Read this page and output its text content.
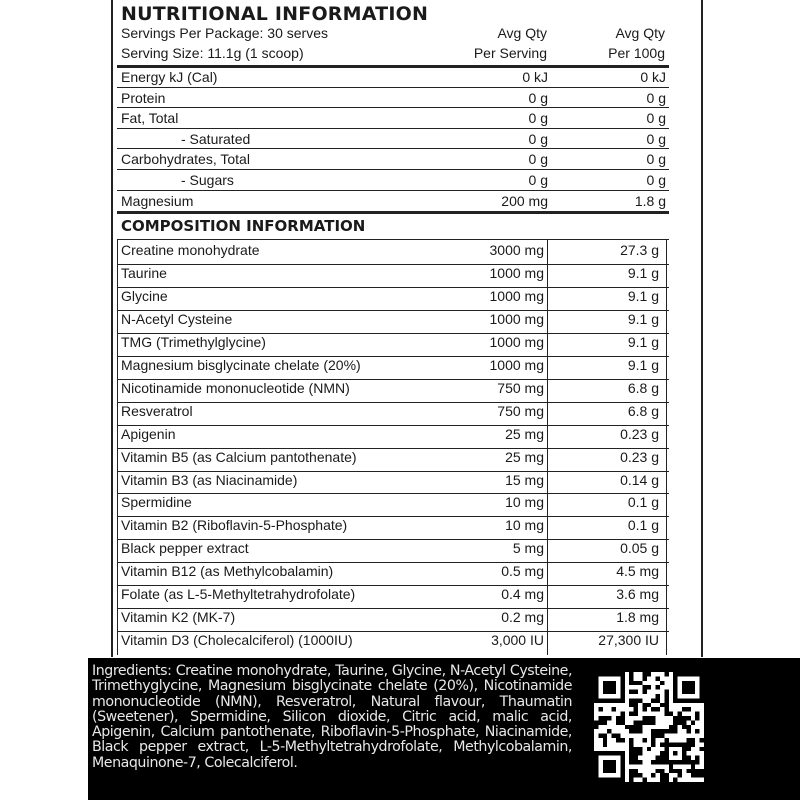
NUTRITIONAL INFORMATION
Servings Per Package: 30 serves
Serving Size: 11.1g (1 scoop)
Avg Qty
Per Serving
Avg Qty
Per 100g
Energy kJ (Cal)	0 kJ	0 kJ
Protein	0 g	0 g
Fat, Total	0 g	0 g
- Saturated	0 g	0 g
Carbohydrates, Total	0 g	0 g
- Sugars	0 g	0 g
Magnesium	200 mg	1.8 g
COMPOSITION INFORMATION
Creatine monohydrate	3000 mg	27.3 g
Taurine	1000 mg	9.1 g
Glycine	1000 mg	9.1 g
N-Acetyl Cysteine	1000 mg	9.1 g
TMG (Trimethylglycine)	1000 mg	9.1 g
Magnesium bisglycinate chelate (20%)	1000 mg	9.1 g
Nicotinamide mononucleotide (NMN)	750 mg	6.8 g
Resveratrol	750 mg	6.8 g
Apigenin	25 mg	0.23 g
Vitamin B5 (as Calcium pantothenate)	25 mg	0.23 g
Vitamin B3 (as Niacinamide)	15 mg	0.14 g
Spermidine	10 mg	0.1 g
Vitamin B2 (Riboflavin-5-Phosphate)	10 mg	0.1 g
Black pepper extract	5 mg	0.05 g
Vitamin B12 (as Methylcobalamin)	0.5 mg	4.5 mg
Folate (as L-5-Methyltetrahydrofolate)	0.4 mg	3.6 mg
Vitamin K2 (MK-7)	0.2 mg	1.8 mg
Vitamin D3 (Cholecalciferol) (1000IU)	3,000 IU	27,300 IU
Ingredients: Creatine monohydrate, Taurine, Glycine, N-Acetyl Cysteine, Trimethyglycine, Magnesium bisglycinate chelate (20%), Nicotinamide mononucleotide (NMN), Resveratrol, Natural flavour, Thaumatin (Sweetener), Spermidine, Silicon dioxide, Citric acid, malic acid, Apigenin, Calcium pantothenate, Riboflavin-5-Phosphate, Niacinamide, Black pepper extract, L-5-Methyltetrahydrofolate, Methylcobalamin, Menaquinone-7, Colecalciferol.
